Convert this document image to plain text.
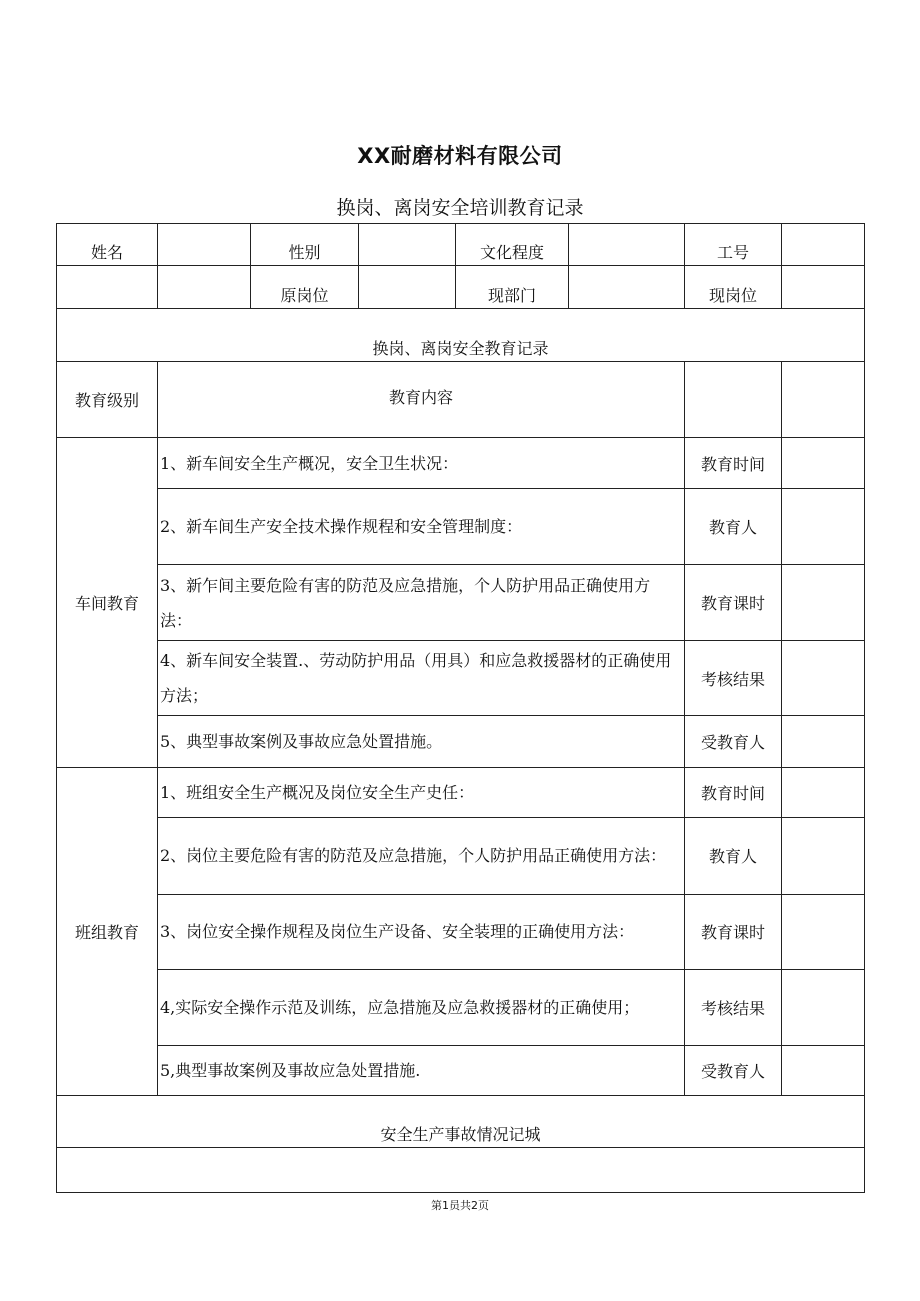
XX耐磨材料有限公司
换岗、离岗安全培训教育记录
姓名		性别		文化程度		工号	
		原岗位		现部门		现岗位	
换岗、离岗安全教育记录							
教育级别	教育内容						
车间教育	1、新车间安全生产概况，安全卫生状况：					教育时间	
	2、新车间生产安全技术操作规程和安全管理制度：					教育人	
	3、新乍间主要危险有害的防范及应急措施，个人防护用品正确使用方法：					教育课时	
	4、新车间安全装置.、劳动防护用品（用具）和应急救援器材的正确使用方法；					考核结果	
	5、典型事故案例及事故应急处置措施。					受教育人	
班组教育	1、班组安全生产概况及岗位安全生产史任：					教育时间	
	2、岗位主要危险有害的防范及应急措施，个人防护用品正确使用方法：					教育人	
	3、岗位安全操作规程及岗位生产设备、安全装理的正确使用方法：					教育课时	
	4,实际安全操作示范及训练，应急措施及应急救援器材的正确使用；					考核结果	
	5,典型事故案例及事故应急处置措施.					受教育人	
安全生产事故情况记城							

第1员共2页
